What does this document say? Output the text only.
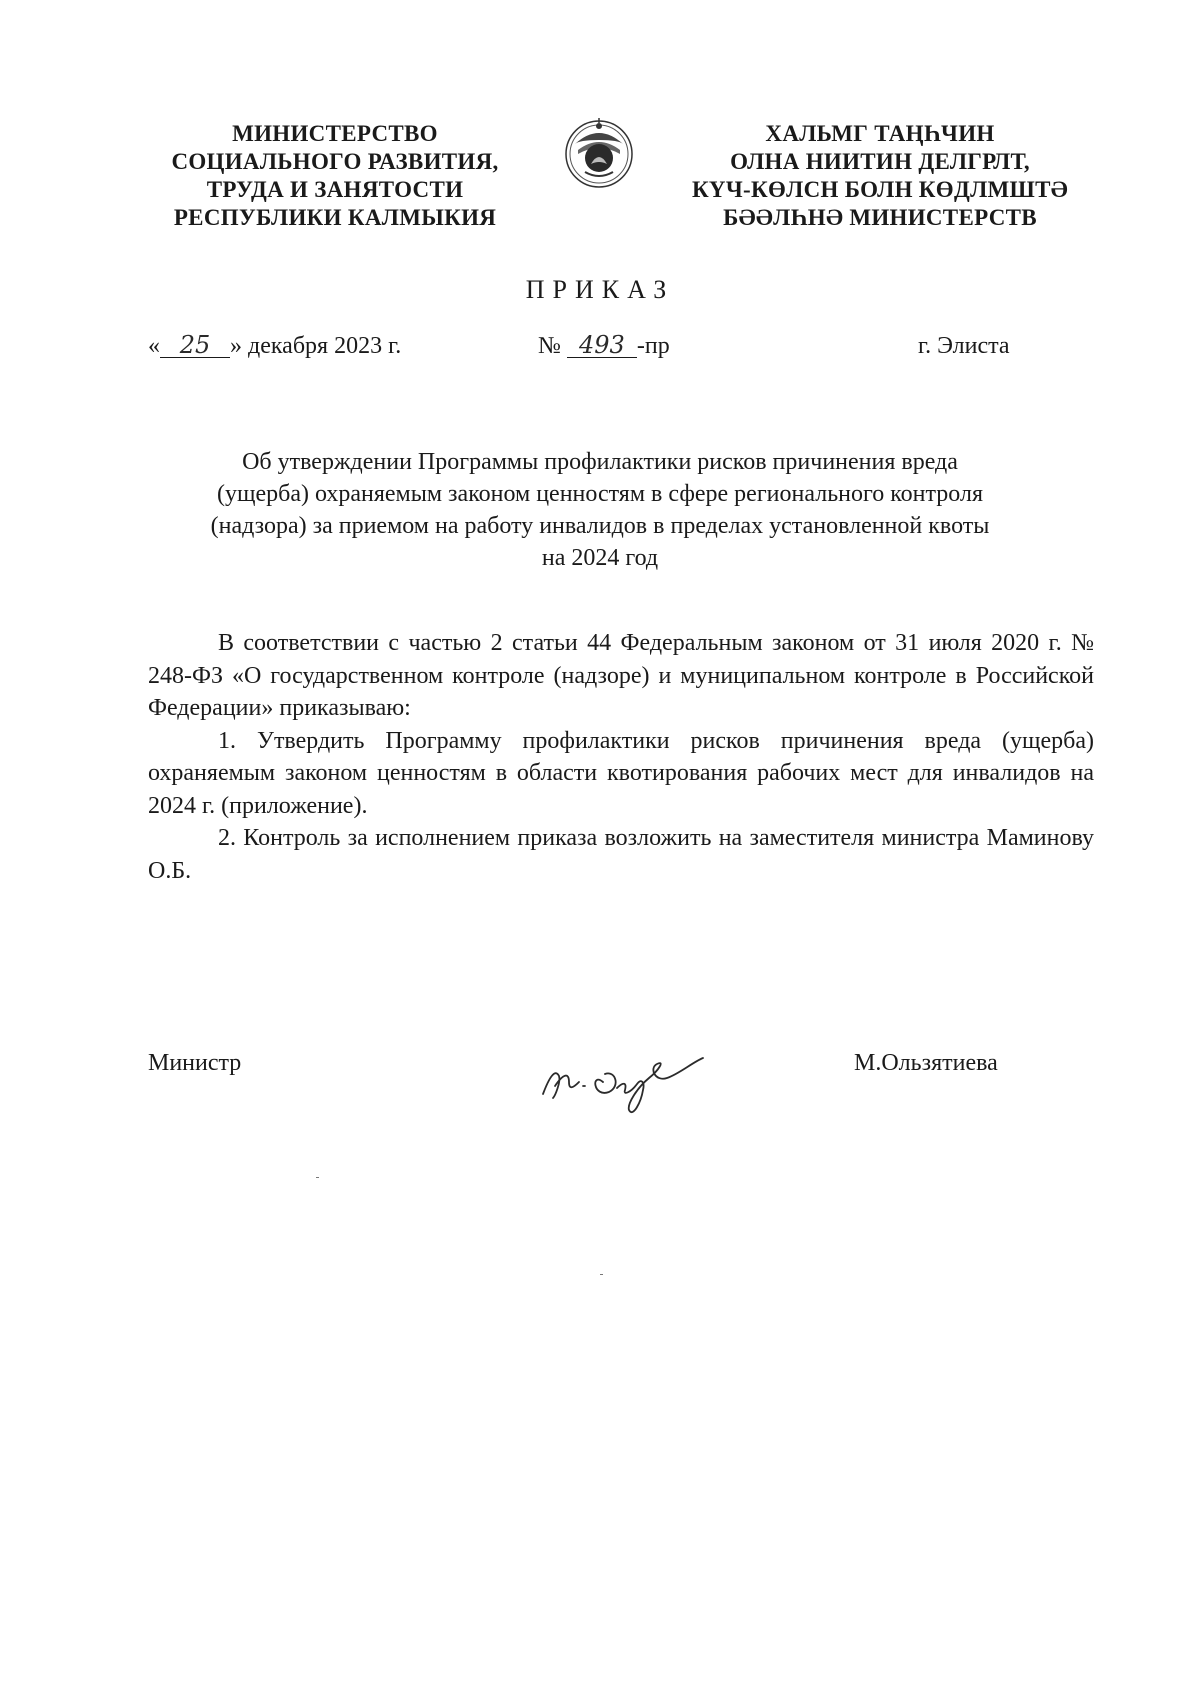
МИНИСТЕРСТВО
СОЦИАЛЬНОГО РАЗВИТИЯ,
ТРУДА И ЗАНЯТОСТИ
РЕСПУБЛИКИ КАЛМЫКИЯ
ХАЛЬМГ ТАҢҺЧИН
ОЛНА НИИТИН ДЕЛГРЛТ,
КҮЧ-КӨЛСН БОЛН КӨДЛМШТӘ
БӘӘЛҺНӘ МИНИСТЕРСТВ
ПРИКАЗ
« 25 » декабря 2023 г.	№ 493 -пр	г. Элиста
Об утверждении Программы профилактики рисков причинения вреда
(ущерба) охраняемым законом ценностям в сфере регионального контроля
(надзора) за приемом на работу инвалидов в пределах установленной квоты
на 2024 год

В соответствии с частью 2 статьи 44 Федеральным законом от 31 июля 2020 г. № 248-ФЗ «О государственном контроле (надзоре) и муниципальном контроле в Российской Федерации» приказываю:

1. Утвердить Программу профилактики рисков причинения вреда (ущерба) охраняемым законом ценностям в области квотирования рабочих мест для инвалидов на 2024 г. (приложение).

2. Контроль за исполнением приказа возложить на заместителя министра Маминову О.Б.

Министр	М.Ользятиева
